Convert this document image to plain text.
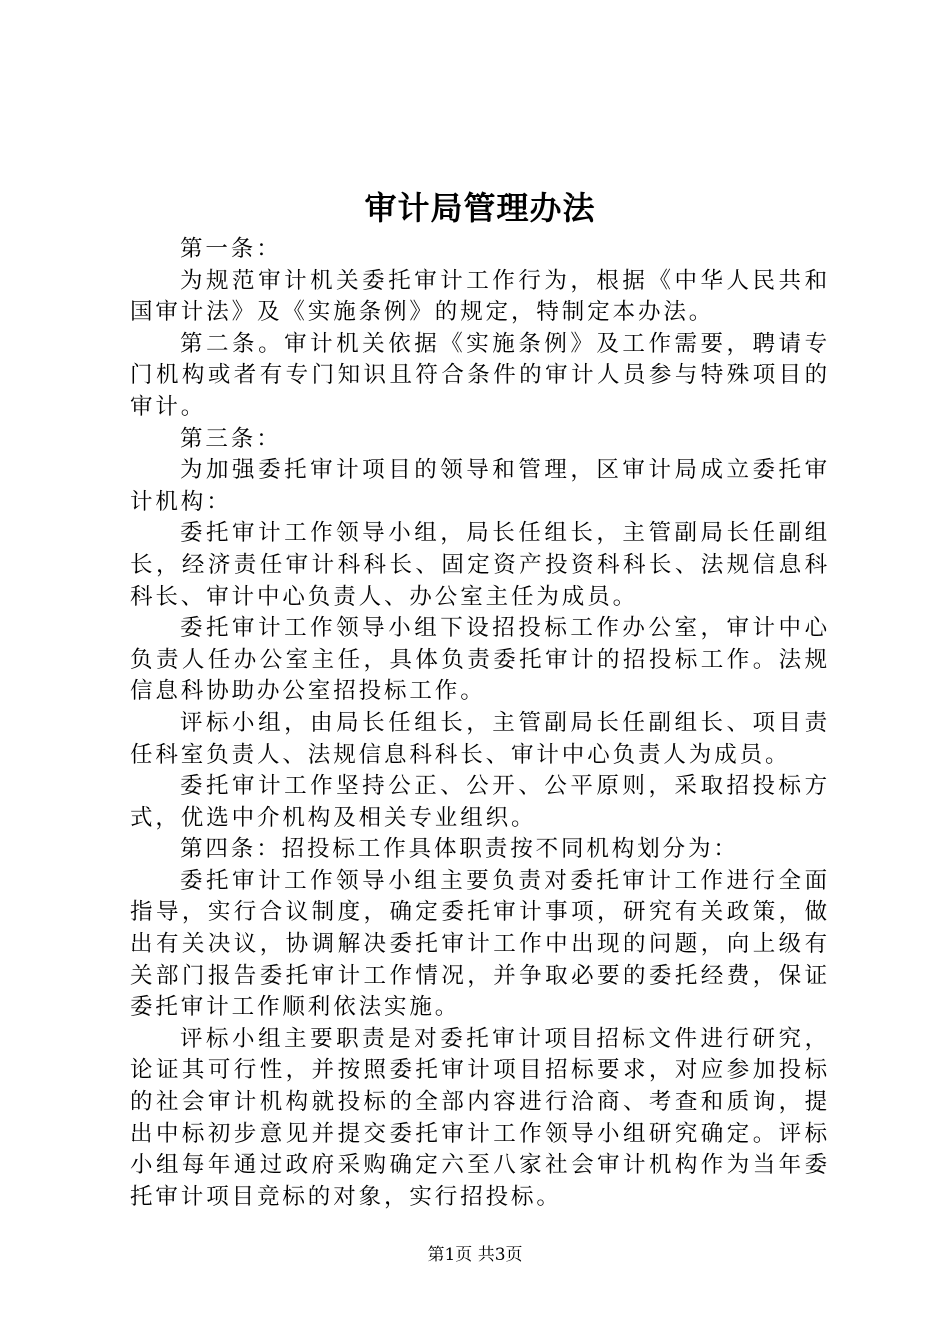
审计局管理办法

第一条：

为规范审计机关委托审计工作行为，根据《中华人民共和国审计法》及《实施条例》的规定，特制定本办法。

第二条。审计机关依据《实施条例》及工作需要，聘请专门机构或者有专门知识且符合条件的审计人员参与特殊项目的审计。

第三条：

为加强委托审计项目的领导和管理，区审计局成立委托审计机构：

委托审计工作领导小组，局长任组长，主管副局长任副组长，经济责任审计科科长、固定资产投资科科长、法规信息科科长、审计中心负责人、办公室主任为成员。

委托审计工作领导小组下设招投标工作办公室，审计中心负责人任办公室主任，具体负责委托审计的招投标工作。法规信息科协助办公室招投标工作。

评标小组，由局长任组长，主管副局长任副组长、项目责任科室负责人、法规信息科科长、审计中心负责人为成员。

委托审计工作坚持公正、公开、公平原则，采取招投标方式，优选中介机构及相关专业组织。

第四条：招投标工作具体职责按不同机构划分为：

委托审计工作领导小组主要负责对委托审计工作进行全面指导，实行合议制度，确定委托审计事项，研究有关政策，做出有关决议，协调解决委托审计工作中出现的问题，向上级有关部门报告委托审计工作情况，并争取必要的委托经费，保证委托审计工作顺利依法实施。

评标小组主要职责是对委托审计项目招标文件进行研究，论证其可行性，并按照委托审计项目招标要求，对应参加投标的社会审计机构就投标的全部内容进行洽商、考查和质询，提出中标初步意见并提交委托审计工作领导小组研究确定。评标小组每年通过政府采购确定六至八家社会审计机构作为当年委托审计项目竞标的对象，实行招投标。

第1页 共3页
